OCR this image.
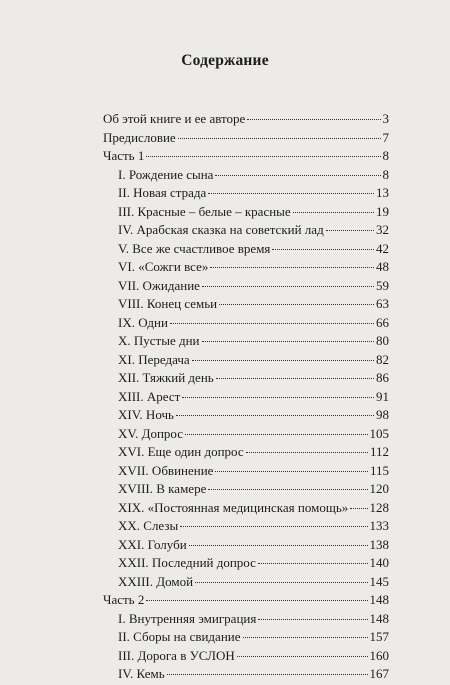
Содержание
Об этой книге и ее авторе	3
Предисловие	7
Часть 1	8
I. Рождение сына	8
II. Новая страда	13
III. Красные – белые – красные	19
IV. Арабская сказка на советский лад	32
V. Все же счастливое время	42
VI. «Сожги все»	48
VII. Ожидание	59
VIII. Конец семьи	63
IX. Одни	66
X. Пустые дни	80
XI. Передача	82
XII. Тяжкий день	86
XIII. Арест	91
XIV. Ночь	98
XV. Допрос	105
XVI. Еще один допрос	112
XVII. Обвинение	115
XVIII. В камере	120
XIX. «Постоянная медицинская помощь» 128
XX. Слезы	133
XXI. Голуби	138
XXII. Последний допрос	140
XXIII. Домой	145
Часть 2	148
I. Внутренняя эмиграция	148
II. Сборы на свидание	157
III. Дорога в УСЛОН	160
IV. Кемь	167
